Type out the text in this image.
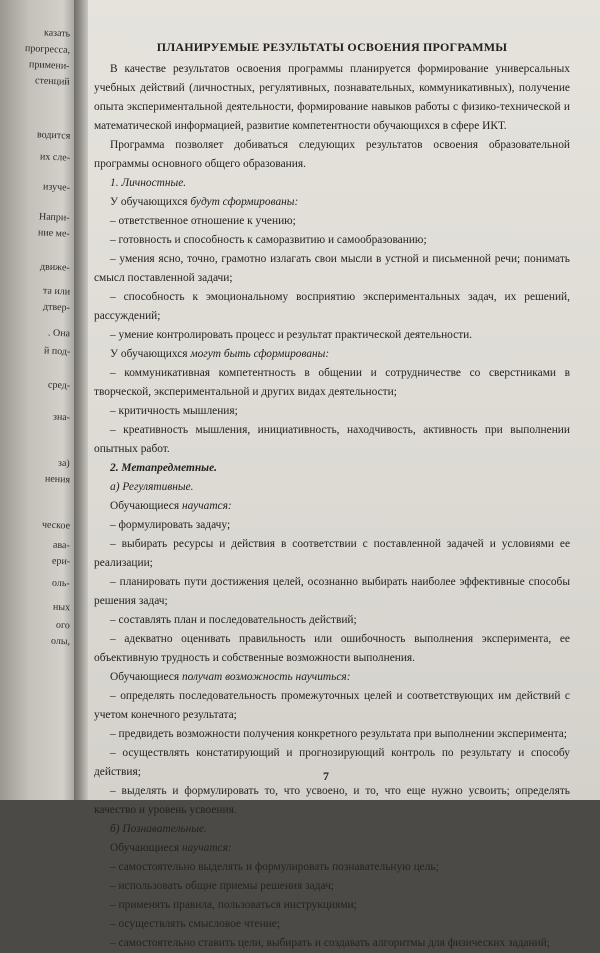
казать
прогресса,
примени-
стенций
водится
их сле-
изуче-
Напри-
ние ме-
движе-
та или
дтвер-
. Она
й под-
сред-
зна-
за)
нения
ческое
ава-
ери-
оль-
ных
ого
олы,
ПЛАНИРУЕМЫЕ РЕЗУЛЬТАТЫ ОСВОЕНИЯ ПРОГРАММЫ

В качестве результатов освоения программы планируется формирование универсальных учебных действий (личностных, регулятивных, познавательных, коммуникативных), получение опыта экспериментальной деятельности, формирование навыков работы с физико-технической и математической информацией, развитие компетентности обучающихся в сфере ИКТ.

Программа позволяет добиваться следующих результатов освоения образовательной программы основного общего образования.

1. Личностные.

У обучающихся будут сформированы:

– ответственное отношение к учению;
– готовность и способность к саморазвитию и самообразованию;
– умения ясно, точно, грамотно излагать свои мысли в устной и письменной речи; понимать смысл поставленной задачи;
– способность к эмоциональному восприятию экспериментальных задач, их решений, рассуждений;
– умение контролировать процесс и результат практической деятельности.

У обучающихся могут быть сформированы:

– коммуникативная компетентность в общении и сотрудничестве со сверстниками в творческой, экспериментальной и других видах деятельности;
– критичность мышления;
– креативность мышления, инициативность, находчивость, активность при выполнении опытных работ.

2. Метапредметные.

а) Регулятивные.

Обучающиеся научатся:

– формулировать задачу;
– выбирать ресурсы и действия в соответствии с поставленной задачей и условиями ее реализации;
– планировать пути достижения целей, осознанно выбирать наиболее эффективные способы решения задач;
– составлять план и последовательность действий;
– адекватно оценивать правильность или ошибочность выполнения эксперимента, ее объективную трудность и собственные возможности выполнения.

Обучающиеся получат возможность научиться:

– определять последовательность промежуточных целей и соответствующих им действий с учетом конечного результата;
– предвидеть возможности получения конкретного результата при выполнении эксперимента;
– осуществлять констатирующий и прогнозирующий контроль по результату и способу действия;
– выделять и формулировать то, что усвоено, и то, что еще нужно усвоить; определять качество и уровень усвоения.

б) Познавательные.

Обучающиеся научатся:

– самостоятельно выделять и формулировать познавательную цель;
– использовать общие приемы решения задач;
– применять правила, пользоваться инструкциями;
– осуществлять смысловое чтение;
– самостоятельно ставить цели, выбирать и создавать алгоритмы для физических заданий;
7
